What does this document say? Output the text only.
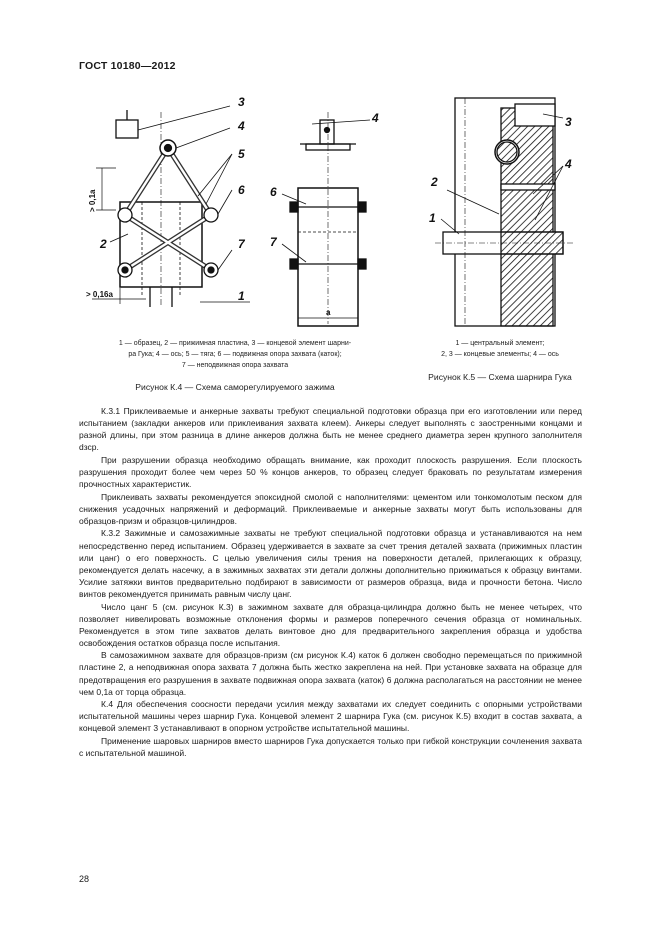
ГОСТ 10180—2012
3
4
5
6
2	7
1
4
6
7
> 0,1a
> 0,16a
a
1 — образец, 2 — прижимная пластина, 3 — концевой элемент шарни-
ра Гука; 4 — ось; 5 — тяга; 6 — подвижная опора захвата (каток);
7 — неподвижная опора захвата
Рисунок К.4 — Схема саморегулируемого зажима
3
2
4
1
1 — центральный элемент;
2, 3 — концевые элементы; 4 — ось
Рисунок К.5 — Схема шарнира Гука

К.3.1 Приклеиваемые и анкерные захваты требуют специальной подготовки образца при его изготовлении или перед испытанием (закладки анкеров или приклеивания захвата клеем). Анкеры следует выполнять с заостренными концами и разной длины, при этом разница в длине анкеров должна быть не менее среднего диаметра зерен крупного заполнителя dзср.

При разрушении образца необходимо обращать внимание, как проходит плоскость разрушения. Если плоскость разрушения проходит более чем через 50 % концов анкеров, то образец следует браковать по результатам измерения прочностных характеристик.

Приклеивать захваты рекомендуется эпоксидной смолой с наполнителями: цементом или тонкомолотым песком для снижения усадочных напряжений и деформаций. Приклеиваемые и анкерные захваты могут быть использованы для образцов-призм и образцов-цилиндров.

К.3.2 Зажимные и самозажимные захваты не требуют специальной подготовки образца и устанавливаются на нем непосредственно перед испытанием. Образец удерживается в захвате за счет трения деталей захвата (прижимных пластин или цанг) о его поверхность. С целью увеличения силы трения на поверхности деталей, прилегающих к образцу, рекомендуется делать насечку, а в зажимных захватах эти детали должны дополнительно прижиматься к образцу винтами. Усилие затяжки винтов предварительно подбирают в зависимости от размеров образца, вида и прочности бетона. Число винтов рекомендуется принимать равным числу цанг.

Число цанг 5 (см. рисунок К.3) в зажимном захвате для образца-цилиндра должно быть не менее четырех, что позволяет нивелировать возможные отклонения формы и размеров поперечного сечения образца от номинальных. Рекомендуется в этом типе захватов делать винтовое дно для предварительного закрепления образца и удобства освобождения остатков образца после испытания.

В самозажимном захвате для образцов-призм (см рисунок К.4) каток 6 должен свободно перемещаться по прижимной пластине 2, а неподвижная опора захвата 7 должна быть жестко закреплена на ней. При установке захвата на образце для предотвращения его разрушения в захвате подвижная опора захвата (каток) 6 должна располагаться на расстоянии не менее чем 0,1a от торца образца.

К.4 Для обеспечения соосности передачи усилия между захватами их следует соединить с опорными устройствами испытательной машины через шарнир Гука. Концевой элемент 2 шарнира Гука (см. рисунок К.5) входит в состав захвата, а концевой элемент 3 устанавливают в опорном устройстве испытательной машины.

Применение шаровых шарниров вместо шарниров Гука допускается только при гибкой конструкции сочленения захвата с испытательной машиной.

28
